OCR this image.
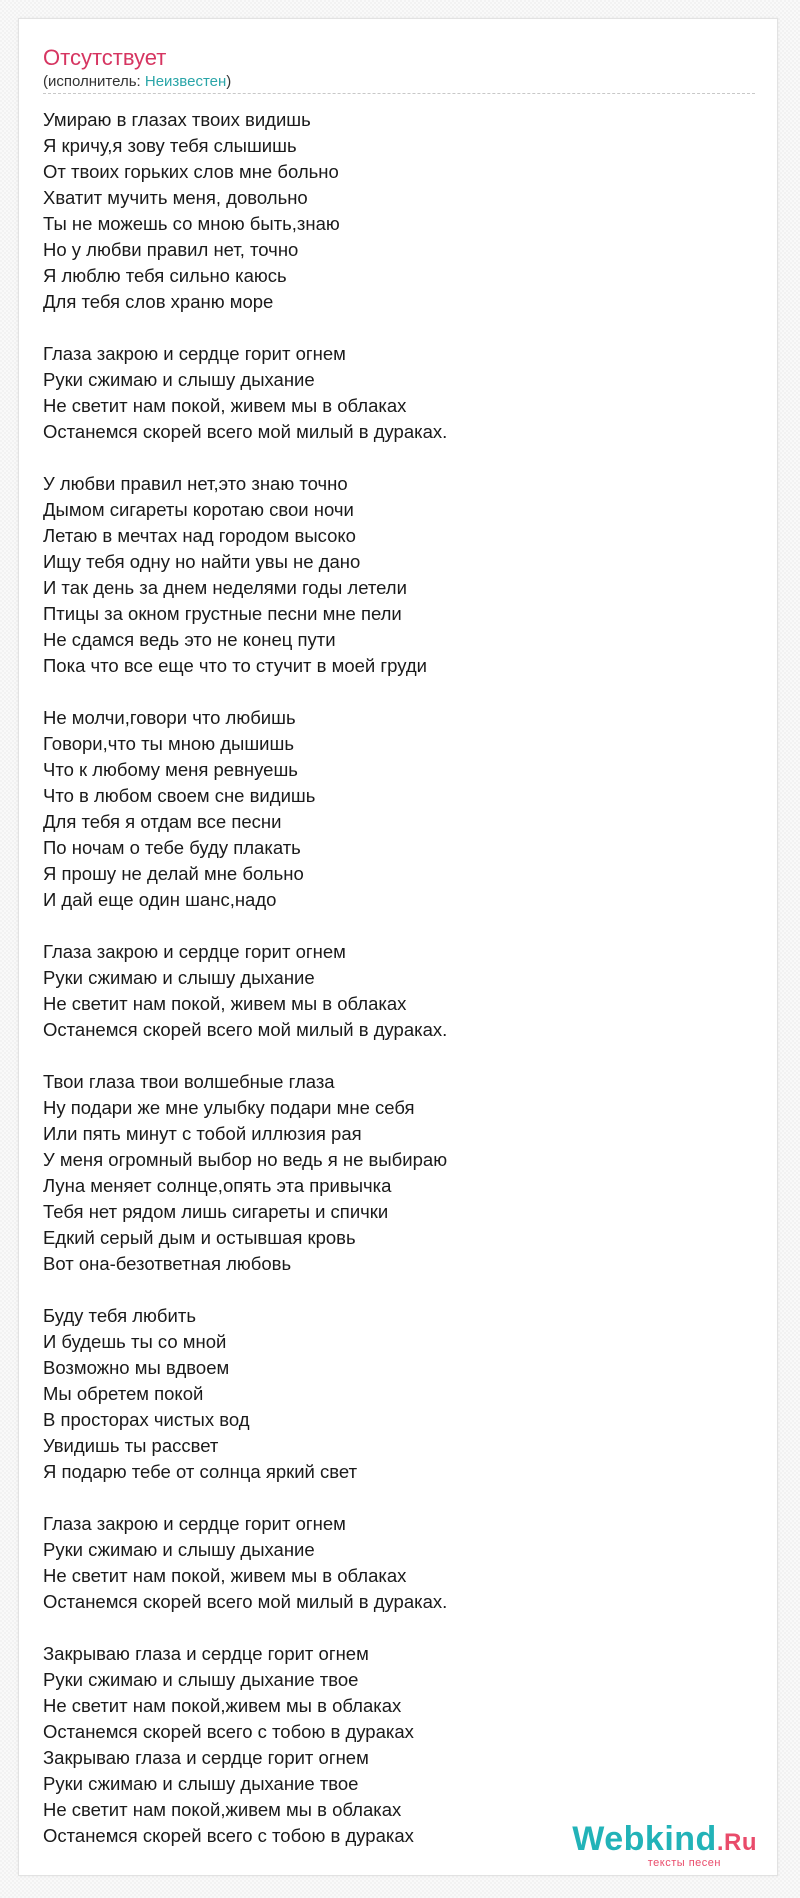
Отсутствует
(исполнитель: Неизвестен)
Умираю в глазах твоих видишь
Я кричу,я зову тебя слышишь
От твоих горьких слов мне больно
Хватит мучить меня, довольно
Ты не можешь со мною быть,знаю
Но у любви правил нет, точно
Я люблю тебя сильно каюсь
Для тебя слов храню море
Глаза закрою и сердце горит огнем
Руки сжимаю и слышу дыхание
Не светит нам покой, живем мы в облаках
Останемся скорей всего мой милый в дураках.
У любви правил нет,это знаю точно
Дымом сигареты коротаю свои ночи
Летаю в мечтах над городом высоко
Ищу тебя одну но найти увы не дано
И так день за днем неделями годы летели
Птицы за окном грустные песни мне пели
Не сдамся ведь это не конец пути
Пока что все еще что то стучит в моей груди
Не молчи,говори что любишь
Говори,что ты мною дышишь
Что к любому меня ревнуешь
Что в любом своем сне видишь
Для тебя я отдам все песни
По ночам о тебе буду плакать
Я прошу не делай мне больно
И дай еще один шанс,надо
Глаза закрою и сердце горит огнем
Руки сжимаю и слышу дыхание
Не светит нам покой, живем мы в облаках
Останемся скорей всего мой милый в дураках.
Твои глаза твои волшебные глаза
Ну подари же мне улыбку подари мне себя
Или пять минут с тобой иллюзия рая
У меня огромный выбор но ведь я не выбираю
Луна меняет солнце,опять эта привычка
Тебя нет рядом лишь сигареты и спички
Едкий серый дым и остывшая кровь
Вот она-безответная любовь
Буду тебя любить
И будешь ты со мной
Возможно мы вдвоем
Мы обретем покой
В просторах чистых вод
Увидишь ты рассвет
Я подарю тебе от солнца яркий свет
Глаза закрою и сердце горит огнем
Руки сжимаю и слышу дыхание
Не светит нам покой, живем мы в облаках
Останемся скорей всего мой милый в дураках.
Закрываю глаза и сердце горит огнем
Руки сжимаю и слышу дыхание твое
Не светит нам покой,живем мы в облаках
Останемся скорей всего с тобою в дураках
Закрываю глаза и сердце горит огнем
Руки сжимаю и слышу дыхание твое
Не светит нам покой,живем мы в облаках
Останемся скорей всего с тобою в дураках	Webkind.Ru
тексты песен
